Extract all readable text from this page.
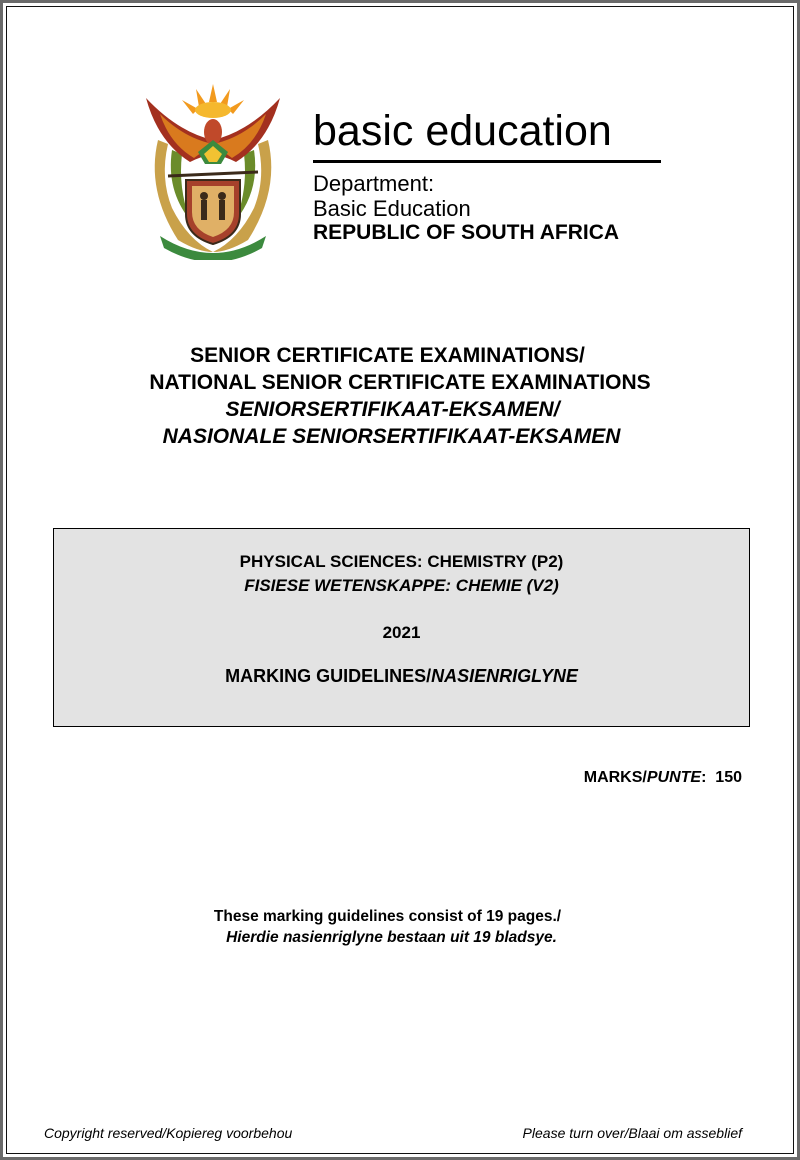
basic education
Department:
Basic Education
REPUBLIC OF SOUTH AFRICA
SENIOR CERTIFICATE EXAMINATIONS/
NATIONAL SENIOR CERTIFICATE EXAMINATIONS
SENIORSERTIFIKAAT-EKSAMEN/
NASIONALE SENIORSERTIFIKAAT-EKSAMEN
PHYSICAL SCIENCES: CHEMISTRY (P2)
FISIESE WETENSKAPPE: CHEMIE (V2)
2021
MARKING GUIDELINES/NASIENRIGLYNE
MARKS/PUNTE: 150
These marking guidelines consist of 19 pages./
Hierdie nasienriglyne bestaan uit 19 bladsye.
Copyright reserved/Kopiereg voorbehou	Please turn over/Blaai om asseblief
